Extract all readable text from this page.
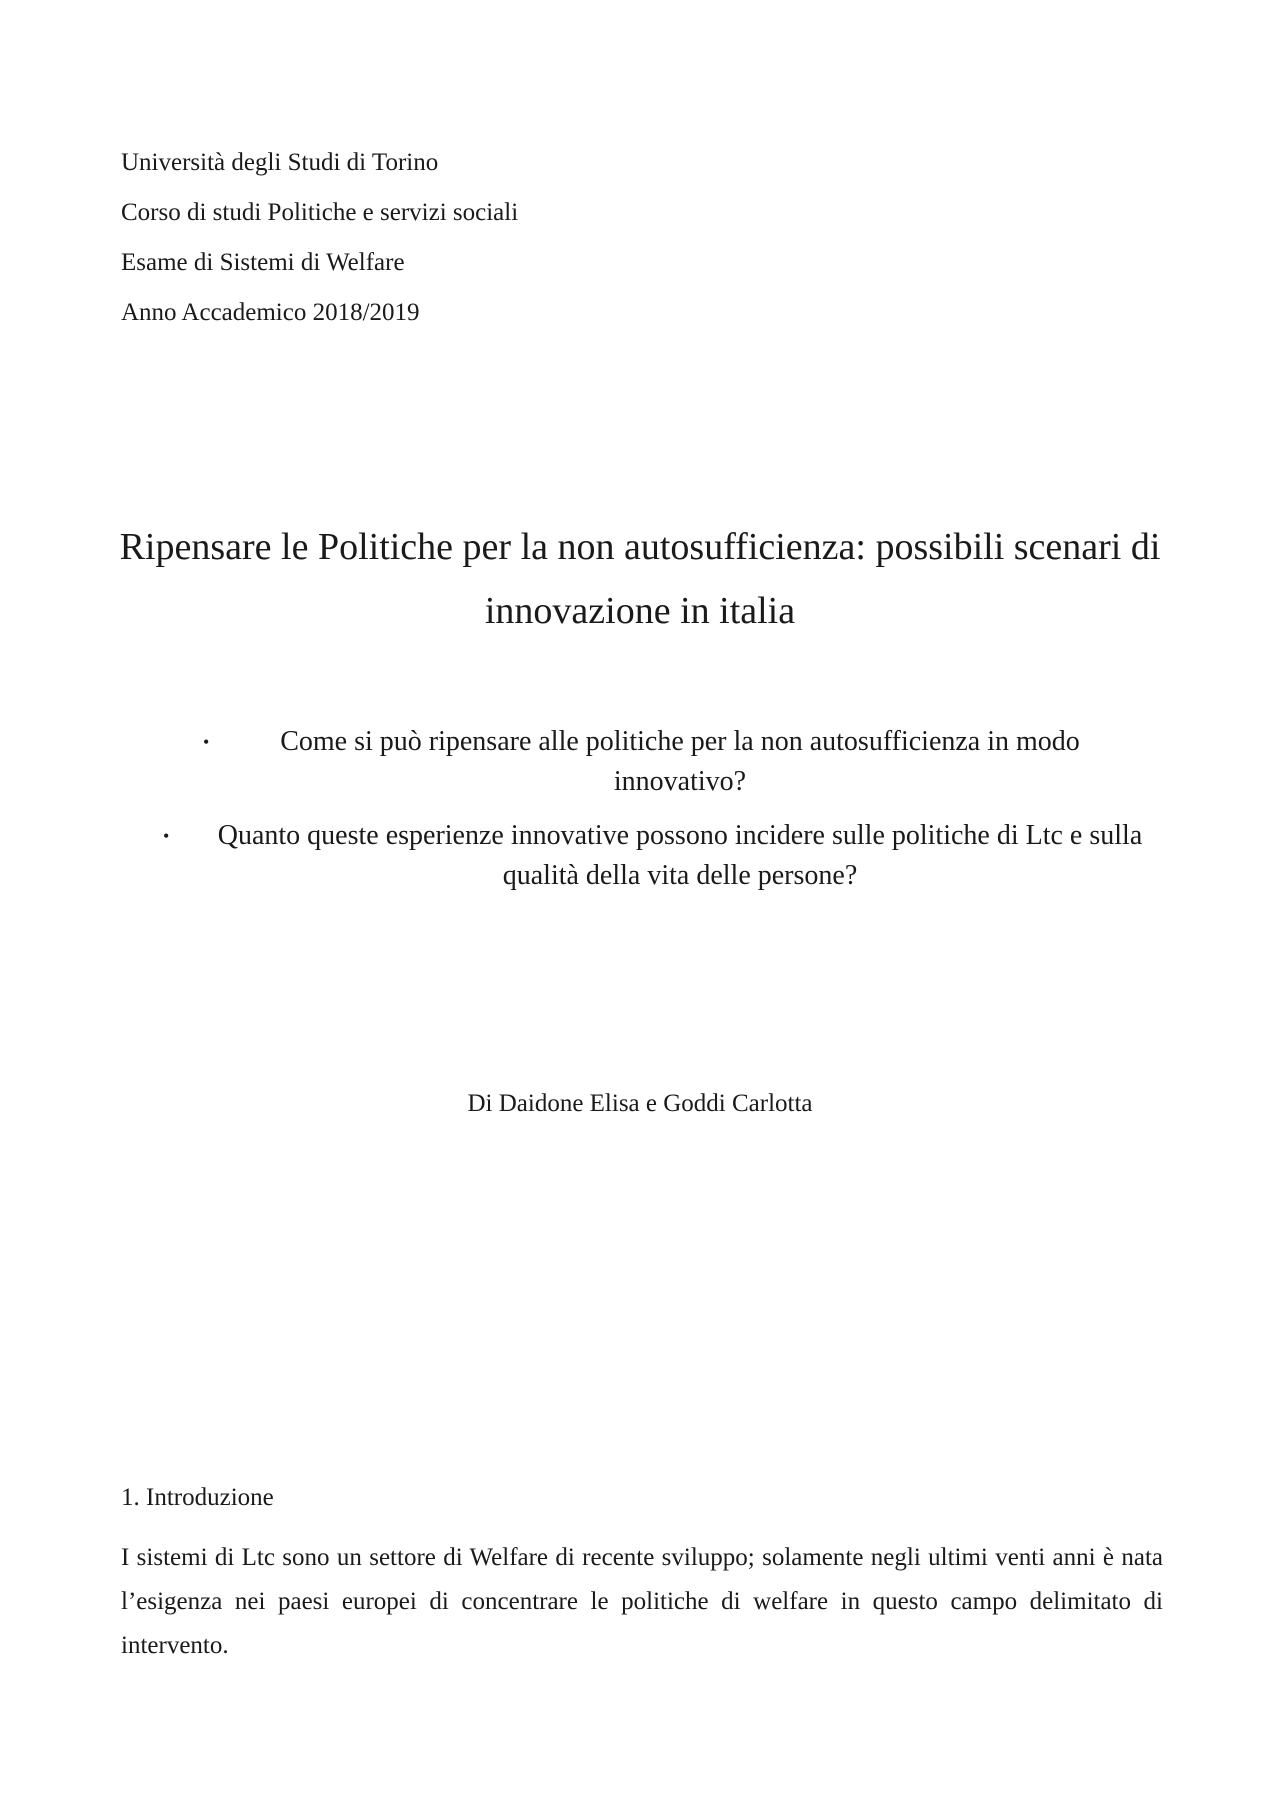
Università degli Studi di Torino

Corso di studi Politiche e servizi sociali

Esame di Sistemi di Welfare

Anno Accademico 2018/2019

Ripensare le Politiche per la non autosufficienza: possibili scenari di innovazione in italia
•	Come si può ripensare alle politiche per la non autosufficienza in modo innovativo?
• Quanto queste esperienze innovative possono incidere sulle politiche di Ltc e sulla qualità della vita delle persone?

Di Daidone Elisa e Goddi Carlotta

1. Introduzione

I sistemi di Ltc sono un settore di Welfare di recente sviluppo; solamente negli ultimi venti anni è nata l’esigenza nei paesi europei di concentrare le politiche di welfare in questo campo delimitato di intervento.
